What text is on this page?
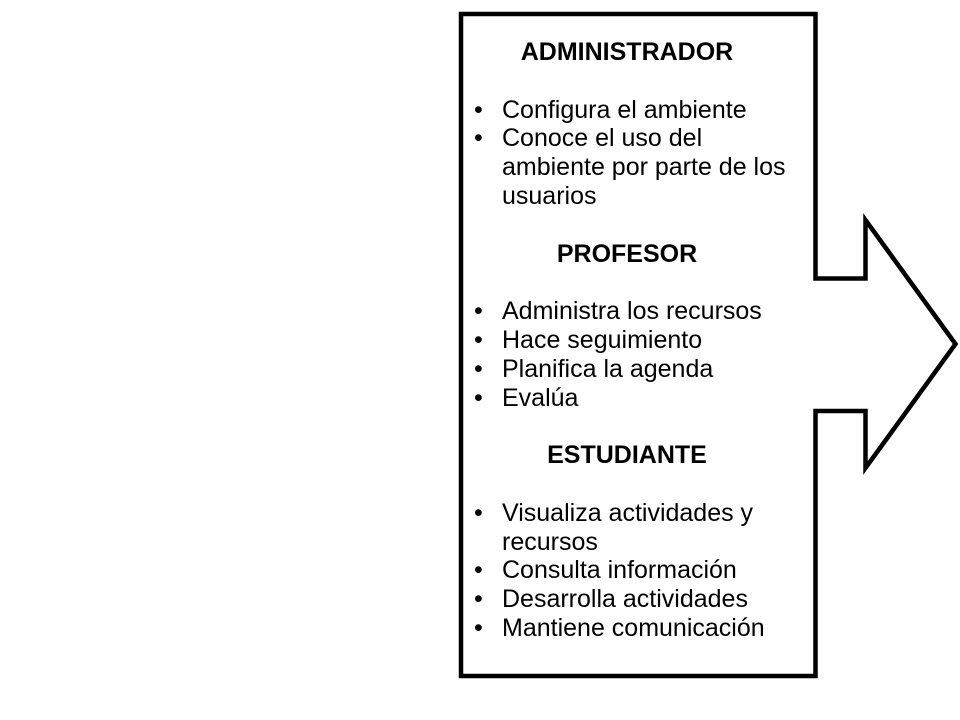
ADMINISTRADOR
• Configura el ambiente
• Conoce el uso del ambiente por parte de los usuarios
PROFESOR
• Administra los recursos
• Hace seguimiento
• Planifica la agenda
• Evalúa
ESTUDIANTE
• Visualiza actividades y recursos
• Consulta información
• Desarrolla actividades
• Mantiene comunicación
